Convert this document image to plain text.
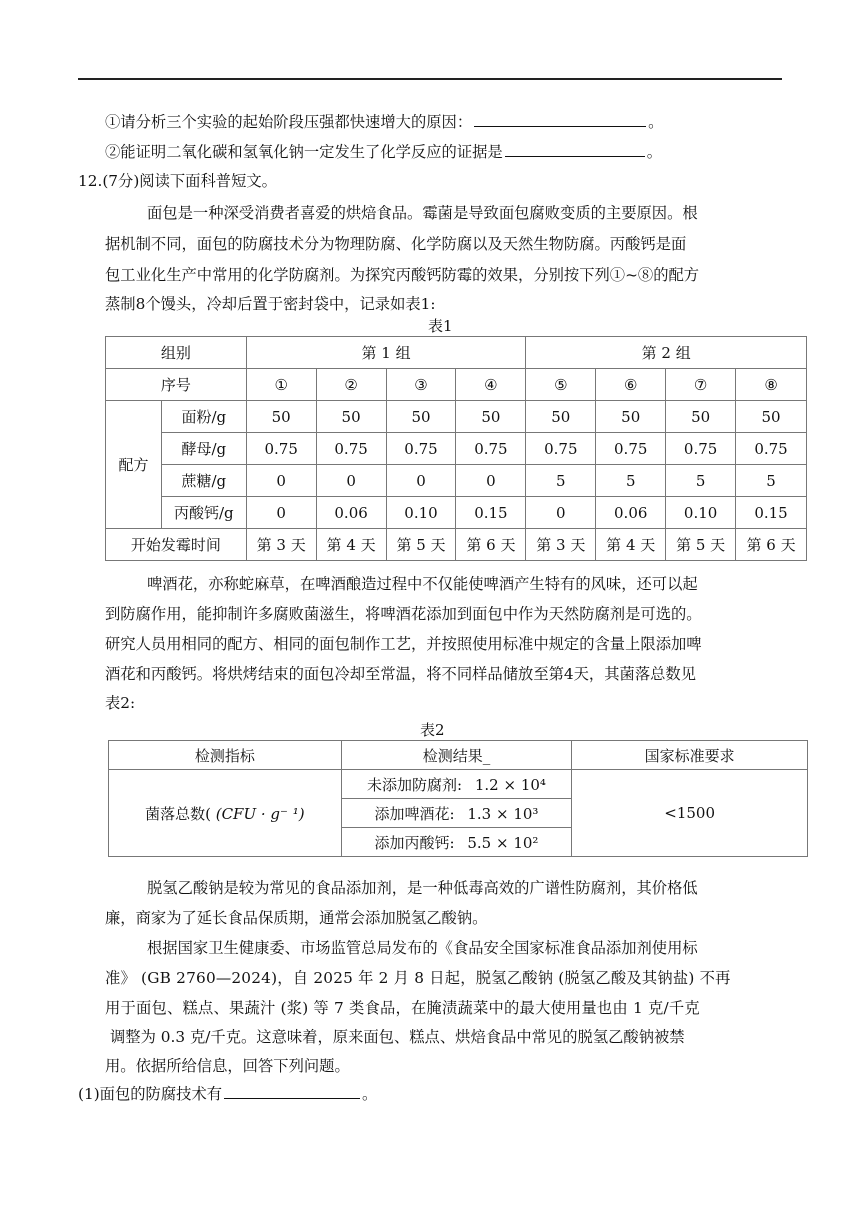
①请分析三个实验的起始阶段压强都快速增大的原因：	。
②能证明二氧化碳和氢氧化钠一定发生了化学反应的证据是	。
12.(7分)阅读下面科普短文。
面包是一种深受消费者喜爱的烘焙食品。霉菌是导致面包腐败变质的主要原因。根
据机制不同，面包的防腐技术分为物理防腐、化学防腐以及天然生物防腐。丙酸钙是面
包工业化生产中常用的化学防腐剂。为探究丙酸钙防霉的效果，分别按下列①~⑧的配方
蒸制8个馒头，冷却后置于密封袋中，记录如表1:
表1
组别		第 1 组				第 2 组			
序号		①	②	③	④	⑤	⑥	⑦	⑧
配方	面粉/g	50	50	50	50	50	50	50	50
	酵母/g	0.75	0.75	0.75	0.75	0.75	0.75	0.75	0.75
	蔗糖/g	0	0	0	0	5	5	5	5
	丙酸钙/g	0	0.06	0.10	0.15	0	0.06	0.10	0.15
开始发霉时间		第 3 天	第 4 天	第 5 天	第 6 天	第 3 天	第 4 天	第 5 天	第 6 天
啤酒花，亦称蛇麻草，在啤酒酿造过程中不仅能使啤酒产生特有的风味，还可以起
到防腐作用，能抑制许多腐败菌滋生，将啤酒花添加到面包中作为天然防腐剂是可选的。
研究人员用相同的配方、相同的面包制作工艺，并按照使用标准中规定的含量上限添加啤
酒花和丙酸钙。将烘烤结束的面包冷却至常温，将不同样品储放至第4天，其菌落总数见
表2:
表2
检测指标	检测结果_	国家标准要求
菌落总数( (CFU · g⁻ ¹)	未添加防腐剂: 1.2 × 10⁴	<1500
	添加啤酒花: 1.3 × 10³	
	添加丙酸钙: 5.5 × 10²	
脱氢乙酸钠是较为常见的食品添加剂，是一种低毒高效的广谱性防腐剂，其价格低
廉，商家为了延长食品保质期，通常会添加脱氢乙酸钠。
根据国家卫生健康委、市场监管总局发布的《食品安全国家标准食品添加剂使用标
准》 (GB 2760—2024)，自 2025 年 2 月 8 日起，脱氢乙酸钠 (脱氢乙酸及其钠盐) 不再
用于面包、糕点、果蔬汁 (浆) 等 7 类食品，在腌渍蔬菜中的最大使用量也由 1 克/千克
调整为 0.3 克/千克。这意味着，原来面包、糕点、烘焙食品中常见的脱氢乙酸钠被禁
用。依据所给信息，回答下列问题。
(1)面包的防腐技术有	。
